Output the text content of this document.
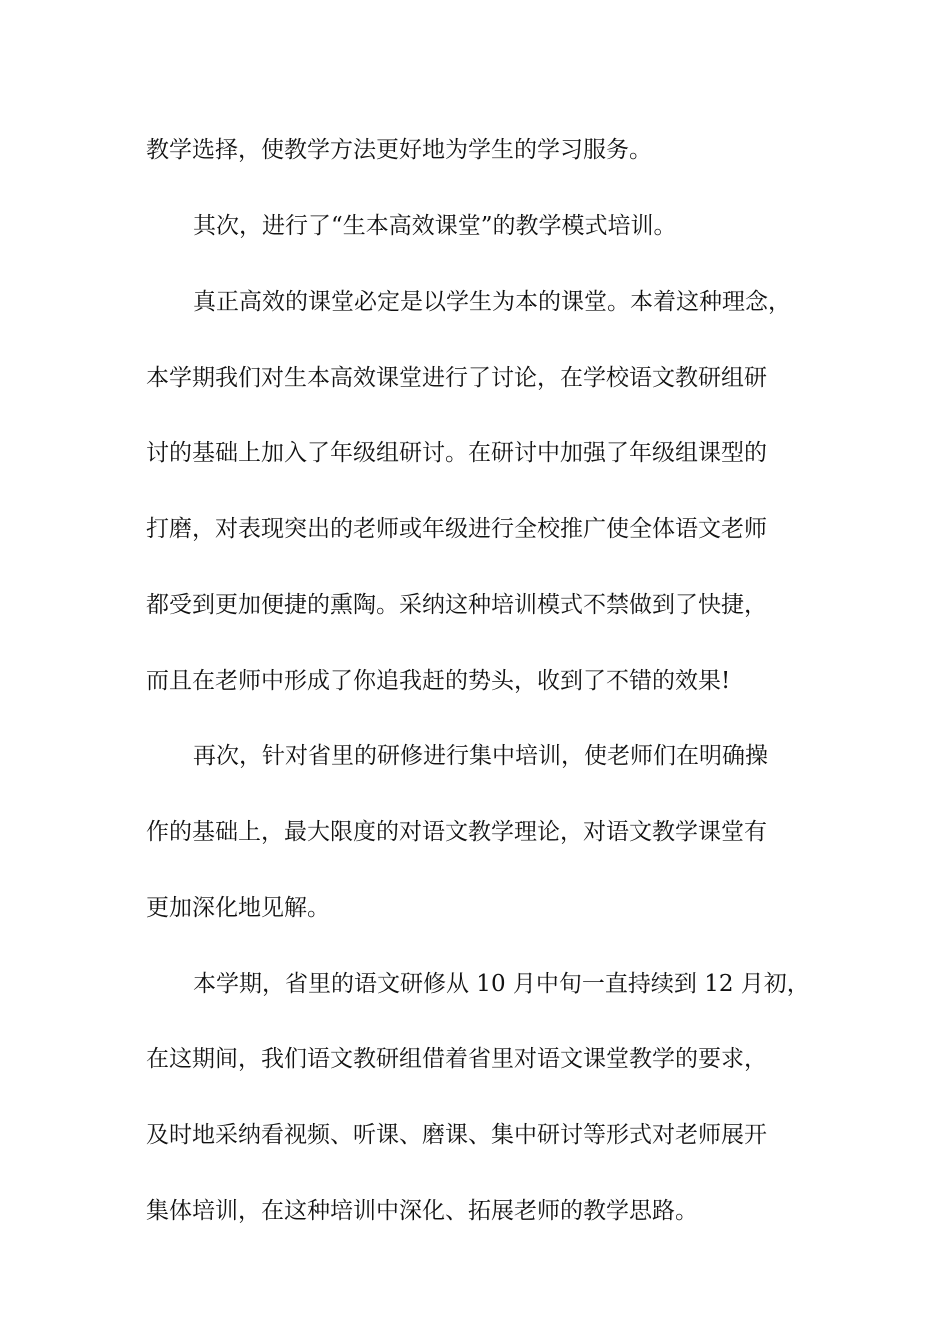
教学选择，使教学方法更好地为学生的学习服务。

其次，进行了“生本高效课堂”的教学模式培训。

真正高效的课堂必定是以学生为本的课堂。本着这种理念，

本学期我们对生本高效课堂进行了讨论，在学校语文教研组研

讨的基础上加入了年级组研讨。在研讨中加强了年级组课型的

打磨，对表现突出的老师或年级进行全校推广使全体语文老师

都受到更加便捷的熏陶。采纳这种培训模式不禁做到了快捷，

而且在老师中形成了你追我赶的势头，收到了不错的效果!

再次，针对省里的研修进行集中培训，使老师们在明确操

作的基础上，最大限度的对语文教学理论，对语文教学课堂有

更加深化地见解。

本学期，省里的语文研修从 10 月中旬一直持续到 12 月初，

在这期间，我们语文教研组借着省里对语文课堂教学的要求，

及时地采纳看视频、听课、磨课、集中研讨等形式对老师展开

集体培训，在这种培训中深化、拓展老师的教学思路。
